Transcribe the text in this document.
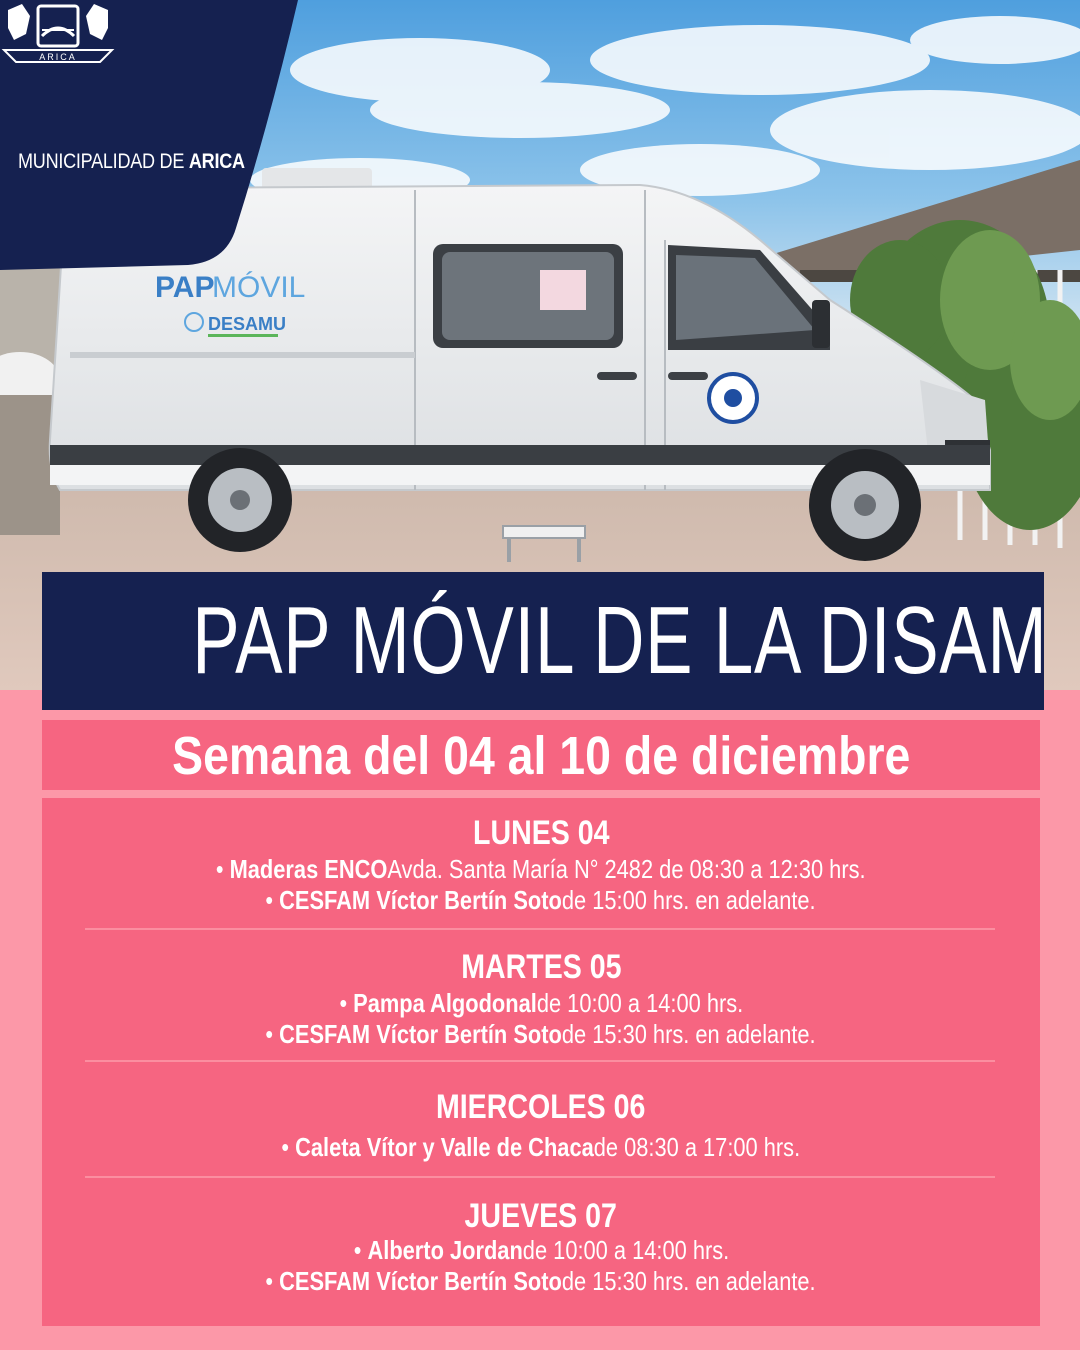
PAP
MÓVIL
DESAMU
ARICA
MUNICIPALIDAD DE ARICA
PAP MÓVIL DE LA DISAM
Semana del 04 al 10 de diciembre
LUNES 04
• Maderas ENCOAvda. Santa María N° 2482 de 08:30 a 12:30 hrs.
• CESFAM Víctor Bertín Sotode 15:00 hrs. en adelante.
MARTES 05
• Pampa Algodonalde 10:00 a 14:00 hrs.
• CESFAM Víctor Bertín Sotode 15:30 hrs. en adelante.
MIERCOLES 06
• Caleta Vítor y Valle de Chacade 08:30 a 17:00 hrs.
JUEVES 07
• Alberto Jordande 10:00 a 14:00 hrs.
• CESFAM Víctor Bertín Sotode 15:30 hrs. en adelante.
